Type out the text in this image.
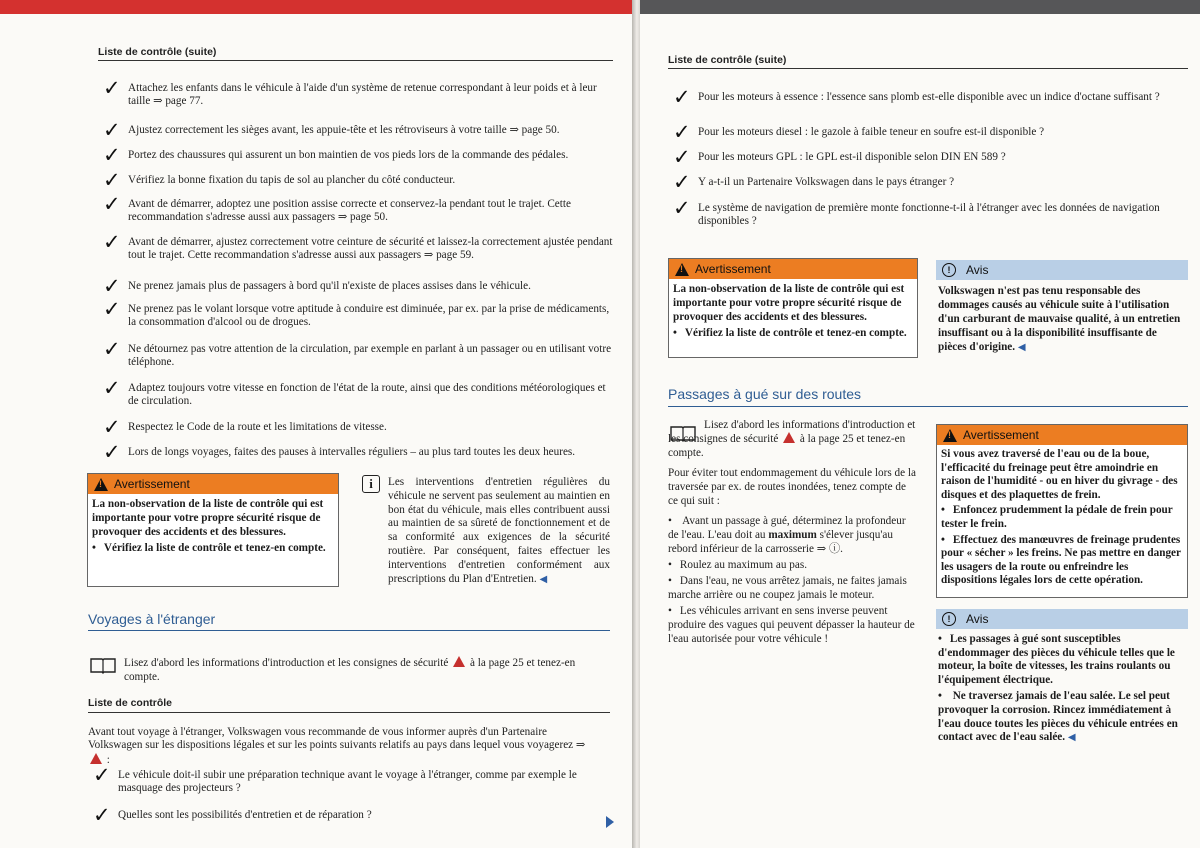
Liste de contrôle (suite)
✓ Attachez les enfants dans le véhicule à l'aide d'un système de retenue correspondant à leur poids et à leur taille ⇒ page 77.
✓ Ajustez correctement les sièges avant, les appuie-tête et les rétroviseurs à votre taille ⇒ page 50.
✓ Portez des chaussures qui assurent un bon maintien de vos pieds lors de la commande des pédales.
✓ Vérifiez la bonne fixation du tapis de sol au plancher du côté conducteur.
✓ Avant de démarrer, adoptez une position assise correcte et conservez-la pendant tout le trajet. Cette recommandation s'adresse aussi aux passagers ⇒ page 50.
✓ Avant de démarrer, ajustez correctement votre ceinture de sécurité et laissez-la correctement ajustée pendant tout le trajet. Cette recommandation s'adresse aussi aux passagers ⇒ page 59.
✓ Ne prenez jamais plus de passagers à bord qu'il n'existe de places assises dans le véhicule.
✓ Ne prenez pas le volant lorsque votre aptitude à conduire est diminuée, par ex. par la prise de médicaments, la consommation d'alcool ou de drogues.
✓ Ne détournez pas votre attention de la circulation, par exemple en parlant à un passager ou en utilisant votre téléphone.
✓ Adaptez toujours votre vitesse en fonction de l'état de la route, ainsi que des conditions météorologiques et de circulation.
✓ Respectez le Code de la route et les limitations de vitesse.
✓ Lors de longs voyages, faites des pauses à intervalles réguliers – au plus tard toutes les deux heures.
!
Avertissement
La non-observation de la liste de contrôle qui est importante pour votre propre sécurité risque de provoquer des accidents et des blessures.
• Vérifiez la liste de contrôle et tenez-en compte.
i	Les interventions d'entretien régulières du véhicule ne servent pas seulement au maintien en bon état du véhicule, mais elles contribuent aussi au maintien de sa sûreté de fonctionnement et de sa conformité aux exigences de la sécurité routière. Par conséquent, faites effectuer les interventions d'entretien conformément aux prescriptions du Plan d'Entretien. ◀
Voyages à l'étranger
Lisez d'abord les informations d'introduction et les consignes de sécurité à la page 25 et tenez-en compte.
Liste de contrôle
Avant tout voyage à l'étranger, Volkswagen vous recommande de vous informer auprès d'un Partenaire Volkswagen sur les dispositions légales et sur les points suivants relatifs au pays dans lequel vous voyagerez ⇒  :
✓ Le véhicule doit-il subir une préparation technique avant le voyage à l'étranger, comme par exemple le masquage des projecteurs ?
✓ Quelles sont les possibilités d'entretien et de réparation ?
Liste de contrôle (suite)
✓ Pour les moteurs à essence : l'essence sans plomb est-elle disponible avec un indice d'octane suffisant ?
✓ Pour les moteurs diesel : le gazole à faible teneur en soufre est-il disponible ?
✓ Pour les moteurs GPL : le GPL est-il disponible selon DIN EN 589 ?
✓ Y a-t-il un Partenaire Volkswagen dans le pays étranger ?
✓ Le système de navigation de première monte fonctionne-t-il à l'étranger avec les données de navigation disponibles ?
!
Avertissement
La non-observation de la liste de contrôle qui est importante pour votre propre sécurité risque de provoquer des accidents et des blessures.
• Vérifiez la liste de contrôle et tenez-en compte.
!	Avis
Volkswagen n'est pas tenu responsable des dommages causés au véhicule suite à l'utilisation d'un carburant de mauvaise qualité, à un entretien insuffisant ou à la disponibilité insuffisante de pièces d'origine. ◀
Passages à gué sur des routes
Lisez d'abord les informations d'introduction et les consignes de sécurité à la page 25 et tenez-en compte.
Pour éviter tout endommagement du véhicule lors de la traversée par ex. de routes inondées, tenez compte de ce qui suit :
• Avant un passage à gué, déterminez la profondeur de l'eau. L'eau doit au maximum s'élever jusqu'au rebord inférieur de la carrosserie ⇒ ⓘ.
• Roulez au maximum au pas.
• Dans l'eau, ne vous arrêtez jamais, ne faites jamais marche arrière ou ne coupez jamais le moteur.
• Les véhicules arrivant en sens inverse peuvent produire des vagues qui peuvent dépasser la hauteur de l'eau autorisée pour votre véhicule !
!
Avertissement
Si vous avez traversé de l'eau ou de la boue, l'efficacité du freinage peut être amoindrie en raison de l'humidité - ou en hiver du givrage - des disques et des plaquettes de frein.
• Enfoncez prudemment la pédale de frein pour tester le frein.
• Effectuez des manœuvres de freinage prudentes pour « sécher » les freins. Ne pas mettre en danger les usagers de la route ou enfreindre les dispositions légales lors de cette opération.
!	Avis
• Les passages à gué sont susceptibles d'endommager des pièces du véhicule telles que le moteur, la boîte de vitesses, les trains roulants ou l'équipement électrique.
• Ne traversez jamais de l'eau salée. Le sel peut provoquer la corrosion. Rincez immédiatement à l'eau douce toutes les pièces du véhicule entrées en contact avec de l'eau salée. ◀
